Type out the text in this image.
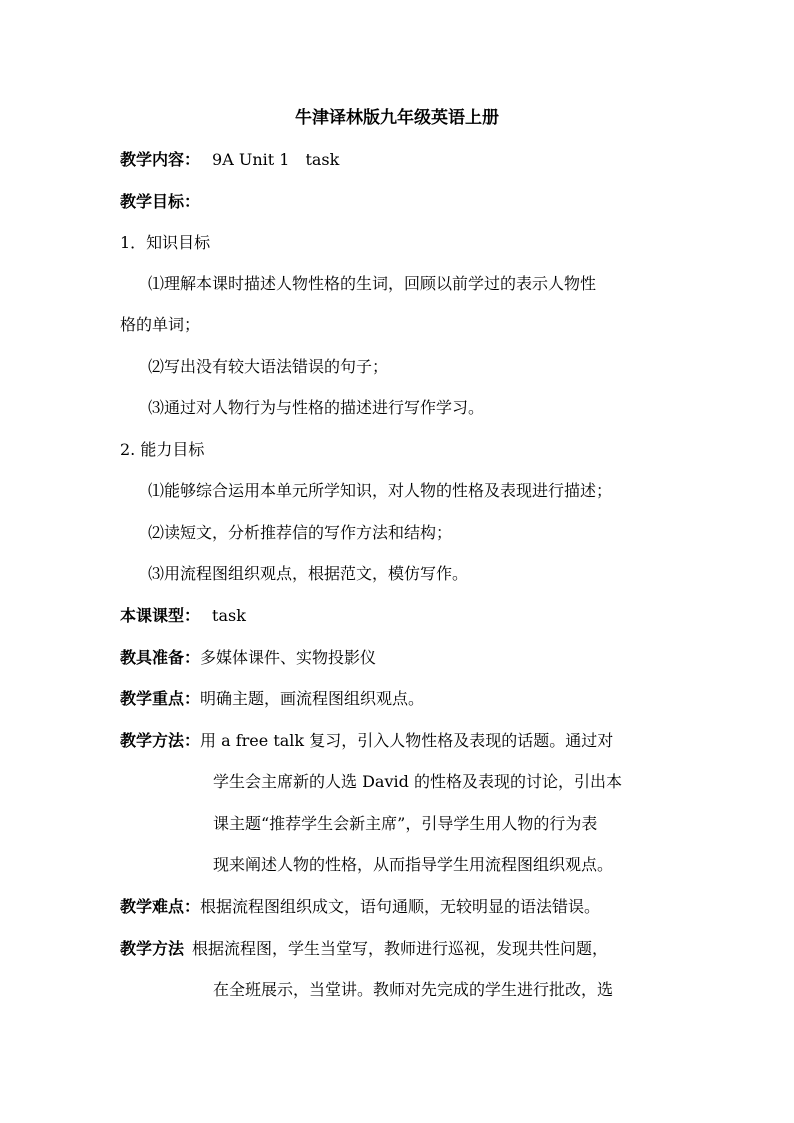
牛津译林版九年级英语上册
教学内容： 9A Unit 1　task
教学目标：
1．知识目标
⑴理解本课时描述人物性格的生词，回顾以前学过的表示人物性
格的单词；
⑵写出没有较大语法错误的句子；
⑶通过对人物行为与性格的描述进行写作学习。
2. 能力目标
⑴能够综合运用本单元所学知识，对人物的性格及表现进行描述；
⑵读短文，分析推荐信的写作方法和结构；
⑶用流程图组织观点，根据范文，模仿写作。
本课课型： task
教具准备： 多媒体课件、实物投影仪
教学重点： 明确主题，画流程图组织观点。
教学方法： 用 a free talk 复习，引入人物性格及表现的话题。通过对
学生会主席新的人选 David 的性格及表现的讨论，引出本
课主题“推荐学生会新主席”，引导学生用人物的行为表
现来阐述人物的性格，从而指导学生用流程图组织观点。
教学难点： 根据流程图组织成文，语句通顺，无较明显的语法错误。
教学方法 根据流程图，学生当堂写，教师进行巡视，发现共性问题，
在全班展示，当堂讲。教师对先完成的学生进行批改，选
